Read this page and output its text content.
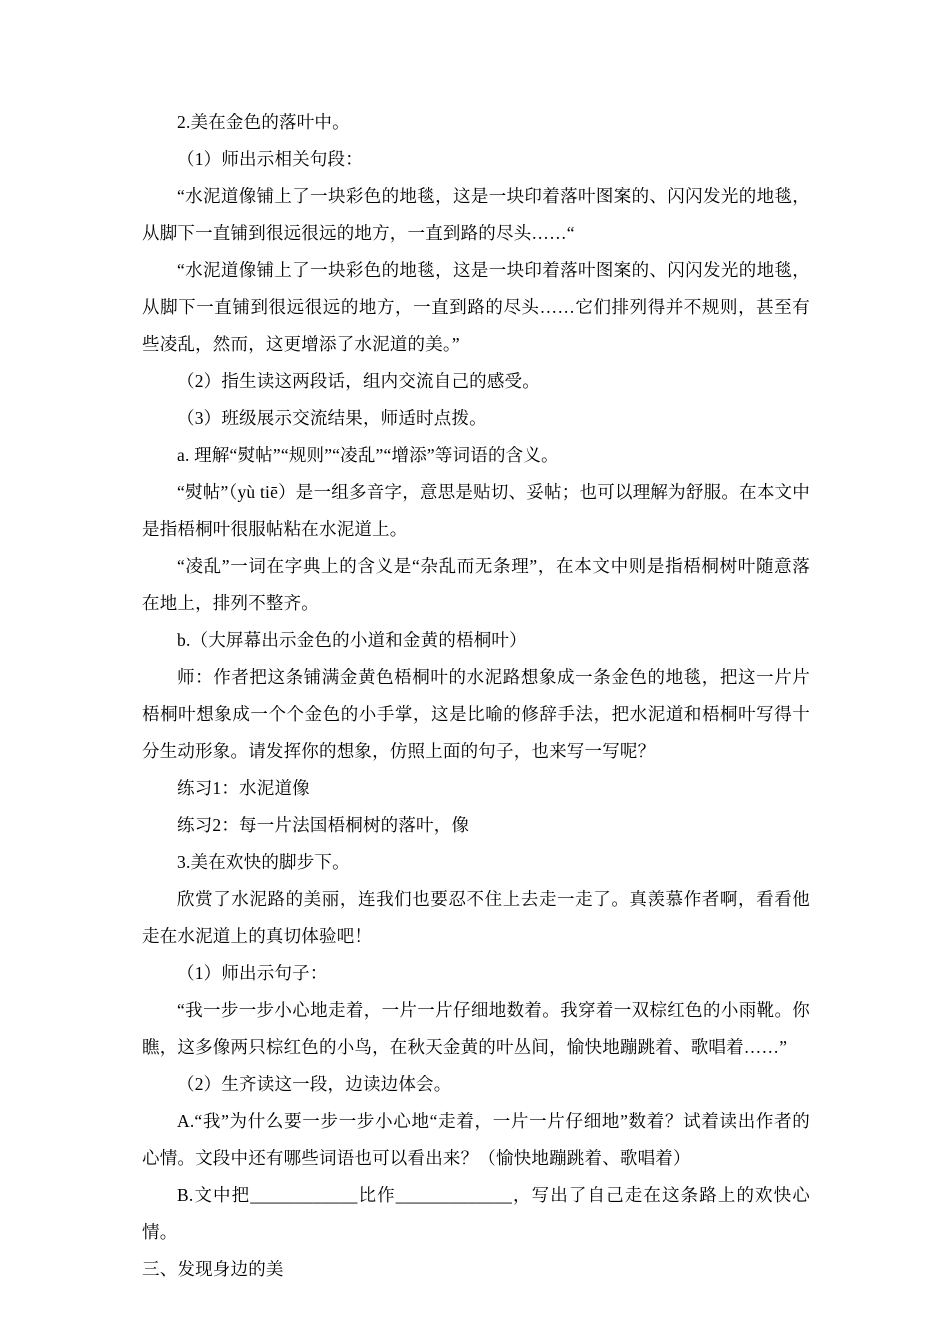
2.美在金色的落叶中。

（1）师出示相关句段：

“水泥道像铺上了一块彩色的地毯，这是一块印着落叶图案的、闪闪发光的地毯，从脚下一直铺到很远很远的地方，一直到路的尽头……“

“水泥道像铺上了一块彩色的地毯，这是一块印着落叶图案的、闪闪发光的地毯，从脚下一直铺到很远很远的地方，一直到路的尽头……它们排列得并不规则，甚至有些凌乱，然而，这更增添了水泥道的美。”

（2）指生读这两段话，组内交流自己的感受。

（3）班级展示交流结果，师适时点拨。

a. 理解“熨帖”“规则”“凌乱”“增添”等词语的含义。

“熨帖”（yù tiē）是一组多音字，意思是贴切、妥帖；也可以理解为舒服。在本文中是指梧桐叶很服帖粘在水泥道上。

“凌乱”一词在字典上的含义是“杂乱而无条理”，在本文中则是指梧桐树叶随意落在地上，排列不整齐。

b.（大屏幕出示金色的小道和金黄的梧桐叶）

师：作者把这条铺满金黄色梧桐叶的水泥路想象成一条金色的地毯，把这一片片梧桐叶想象成一个个金色的小手掌，这是比喻的修辞手法，把水泥道和梧桐叶写得十分生动形象。请发挥你的想象，仿照上面的句子，也来写一写呢？

练习1：水泥道像

练习2：每一片法国梧桐树的落叶，像

3.美在欢快的脚步下。

欣赏了水泥路的美丽，连我们也要忍不住上去走一走了。真羡慕作者啊，看看他走在水泥道上的真切体验吧！

（1）师出示句子：

“我一步一步小心地走着，一片一片仔细地数着。我穿着一双棕红色的小雨靴。你瞧，这多像两只棕红色的小鸟，在秋天金黄的叶丛间，愉快地蹦跳着、歌唱着……”

（2）生齐读这一段，边读边体会。

A.“我”为什么要一步一步小心地“走着，一片一片仔细地”数着？试着读出作者的心情。文段中还有哪些词语也可以看出来？（愉快地蹦跳着、歌唱着）

B.文中把____________比作_____________，写出了自己走在这条路上的欢快心情。

三、发现身边的美
